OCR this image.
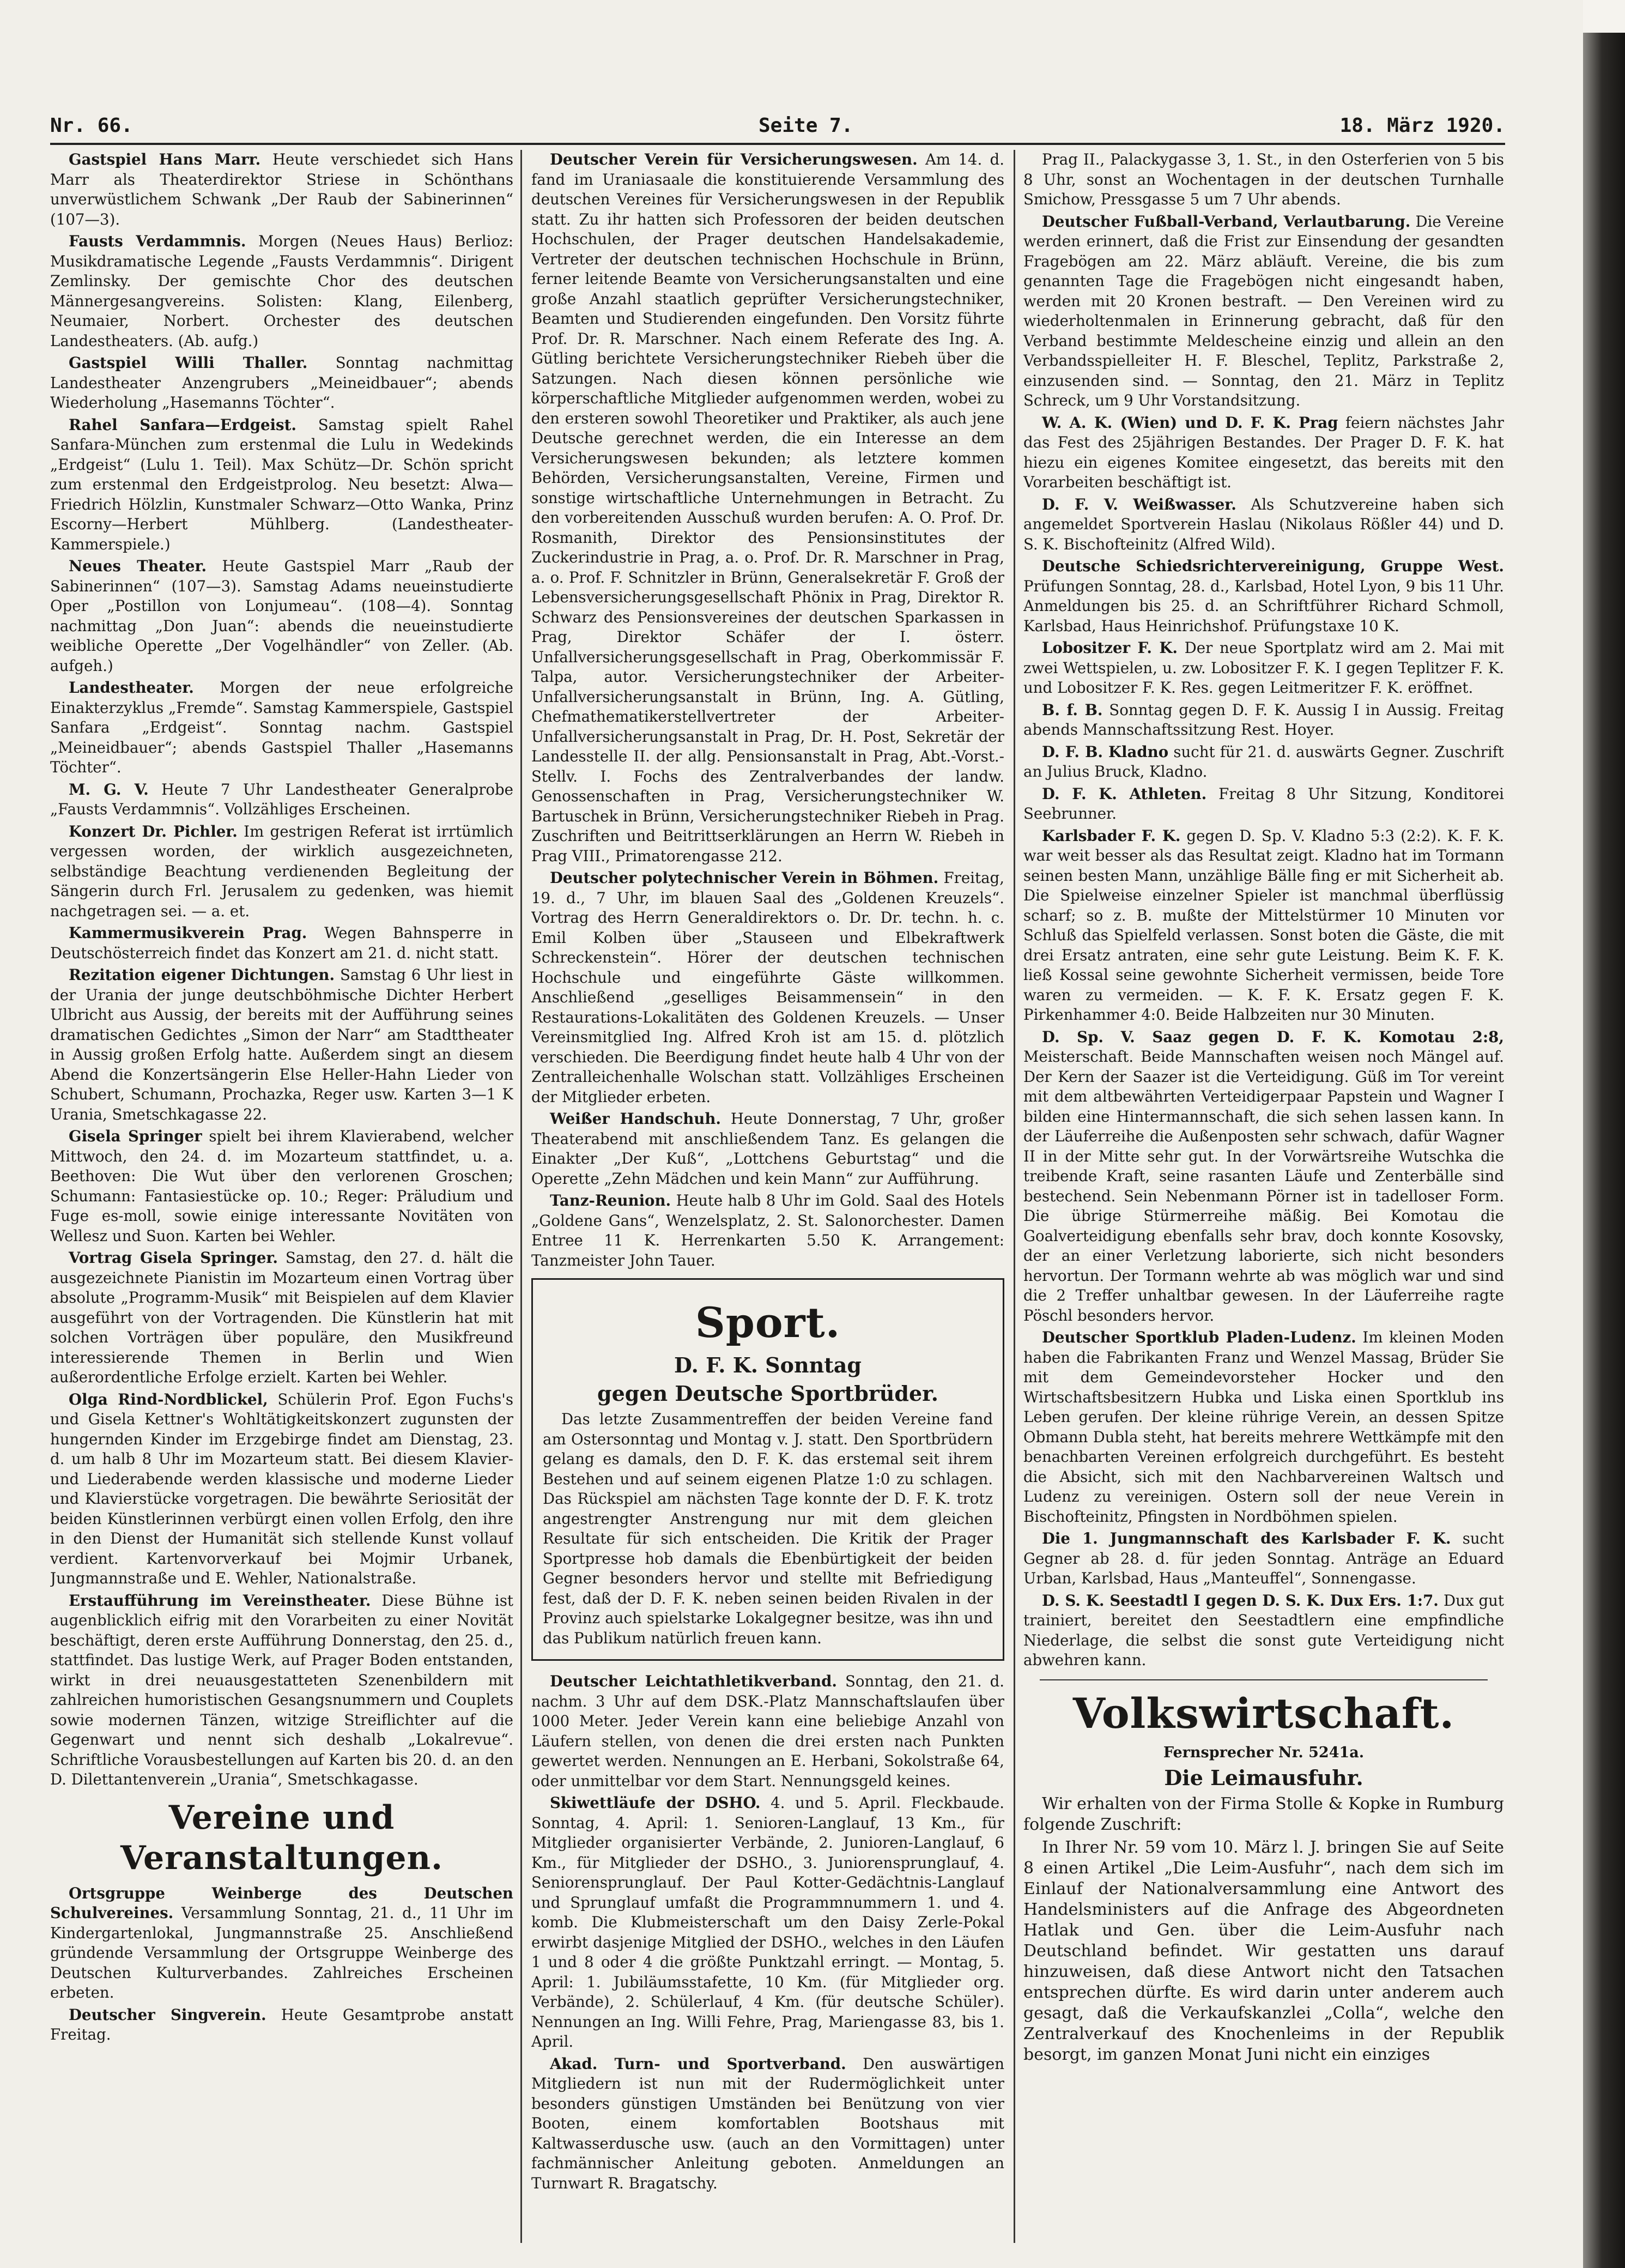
Nr. 66.	Seite 7.	18. März 1920.

Gastspiel Hans Marr. Heute verschiedet sich Hans Marr als Theaterdirektor Striese in Schönthans unverwüstlichem Schwank „Der Raub der Sabinerinnen“ (107—3).

Fausts Verdammnis. Morgen (Neues Haus) Berlioz: Musikdramatische Legende „Fausts Verdammnis“. Dirigent Zemlinsky. Der gemischte Chor des deutschen Männergesangvereins. Solisten: Klang, Eilenberg, Neumaier, Norbert. Orchester des deutschen Landestheaters. (Ab. aufg.)

Gastspiel Willi Thaller. Sonntag nachmittag Landestheater Anzengrubers „Meineidbauer“; abends Wiederholung „Hasemanns Töchter“.

Rahel Sanfara—Erdgeist. Samstag spielt Rahel Sanfara-München zum erstenmal die Lulu in Wedekinds „Erdgeist“ (Lulu 1. Teil). Max Schütz—Dr. Schön spricht zum erstenmal den Erdgeistprolog. Neu besetzt: Alwa—Friedrich Hölzlin, Kunstmaler Schwarz—Otto Wanka, Prinz Escorny—Herbert Mühlberg. (Landestheater-Kammerspiele.)

Neues Theater. Heute Gastspiel Marr „Raub der Sabinerinnen“ (107—3). Samstag Adams neueinstudierte Oper „Postillon von Lonjumeau“. (108—4). Sonntag nachmittag „Don Juan“: abends die neueinstudierte weibliche Operette „Der Vogelhändler“ von Zeller. (Ab. aufgeh.)

Landestheater. Morgen der neue erfolgreiche Einakterzyklus „Fremde“. Samstag Kammerspiele, Gastspiel Sanfara „Erdgeist“. Sonntag nachm. Gastspiel „Meineidbauer“; abends Gastspiel Thaller „Hasemanns Töchter“.

M. G. V. Heute 7 Uhr Landestheater Generalprobe „Fausts Verdammnis“. Vollzähliges Erscheinen.

Konzert Dr. Pichler. Im gestrigen Referat ist irrtümlich vergessen worden, der wirklich ausgezeichneten, selbständige Beachtung verdienenden Begleitung der Sängerin durch Frl. Jerusalem zu gedenken, was hiemit nachgetragen sei. — a. et.

Kammermusikverein Prag. Wegen Bahnsperre in Deutschösterreich findet das Konzert am 21. d. nicht statt.

Rezitation eigener Dichtungen. Samstag 6 Uhr liest in der Urania der junge deutschböhmische Dichter Herbert Ulbricht aus Aussig, der bereits mit der Aufführung seines dramatischen Gedichtes „Simon der Narr“ am Stadttheater in Aussig großen Erfolg hatte. Außerdem singt an diesem Abend die Konzertsängerin Else Heller-Hahn Lieder von Schubert, Schumann, Prochazka, Reger usw. Karten 3—1 K Urania, Smetschkagasse 22.

Gisela Springer spielt bei ihrem Klavierabend, welcher Mittwoch, den 24. d. im Mozarteum stattfindet, u. a. Beethoven: Die Wut über den verlorenen Groschen; Schumann: Fantasiestücke op. 10.; Reger: Präludium und Fuge es-moll, sowie einige interessante Novitäten von Wellesz und Suon. Karten bei Wehler.

Vortrag Gisela Springer. Samstag, den 27. d. hält die ausgezeichnete Pianistin im Mozarteum einen Vortrag über absolute „Programm-Musik“ mit Beispielen auf dem Klavier ausgeführt von der Vortragenden. Die Künstlerin hat mit solchen Vorträgen über populäre, den Musikfreund interessierende Themen in Berlin und Wien außerordentliche Erfolge erzielt. Karten bei Wehler.

Olga Rind-Nordblickel, Schülerin Prof. Egon Fuchs's und Gisela Kettner's Wohltätigkeitskonzert zugunsten der hungernden Kinder im Erzgebirge findet am Dienstag, 23. d. um halb 8 Uhr im Mozarteum statt. Bei diesem Klavier- und Liederabende werden klassische und moderne Lieder und Klavierstücke vorgetragen. Die bewährte Seriosität der beiden Künstlerinnen verbürgt einen vollen Erfolg, den ihre in den Dienst der Humanität sich stellende Kunst vollauf verdient. Kartenvorverkauf bei Mojmir Urbanek, Jungmannstraße und E. Wehler, Nationalstraße.

Erstaufführung im Vereinstheater. Diese Bühne ist augenblicklich eifrig mit den Vorarbeiten zu einer Novität beschäftigt, deren erste Aufführung Donnerstag, den 25. d., stattfindet. Das lustige Werk, auf Prager Boden entstanden, wirkt in drei neuausgestatteten Szenenbildern mit zahlreichen humoristischen Gesangsnummern und Couplets sowie modernen Tänzen, witzige Streiflichter auf die Gegenwart und nennt sich deshalb „Lokalrevue“. Schriftliche Vorausbestellungen auf Karten bis 20. d. an den D. Dilettantenverein „Urania“, Smetschkagasse.

Vereine und Veranstaltungen.

Ortsgruppe Weinberge des Deutschen Schulvereines. Versammlung Sonntag, 21. d., 11 Uhr im Kindergartenlokal, Jungmannstraße 25. Anschließend gründende Versammlung der Ortsgruppe Weinberge des Deutschen Kulturverbandes. Zahlreiches Erscheinen erbeten.

Deutscher Singverein. Heute Gesamtprobe anstatt Freitag.

Deutscher Verein für Versicherungswesen. Am 14. d. fand im Uraniasaale die konstituierende Versammlung des deutschen Vereines für Versicherungswesen in der Republik statt. Zu ihr hatten sich Professoren der beiden deutschen Hochschulen, der Prager deutschen Handelsakademie, Vertreter der deutschen technischen Hochschule in Brünn, ferner leitende Beamte von Versicherungsanstalten und eine große Anzahl staatlich geprüfter Versicherungstechniker, Beamten und Studierenden eingefunden. Den Vorsitz führte Prof. Dr. R. Marschner. Nach einem Referate des Ing. A. Gütling berichtete Versicherungstechniker Riebeh über die Satzungen. Nach diesen können persönliche wie körperschaftliche Mitglieder aufgenommen werden, wobei zu den ersteren sowohl Theoretiker und Praktiker, als auch jene Deutsche gerechnet werden, die ein Interesse an dem Versicherungswesen bekunden; als letztere kommen Behörden, Versicherungsanstalten, Vereine, Firmen und sonstige wirtschaftliche Unternehmungen in Betracht. Zu den vorbereitenden Ausschuß wurden berufen: A. O. Prof. Dr. Rosmanith, Direktor des Pensionsinstitutes der Zuckerindustrie in Prag, a. o. Prof. Dr. R. Marschner in Prag, a. o. Prof. F. Schnitzler in Brünn, Generalsekretär F. Groß der Lebensversicherungsgesellschaft Phönix in Prag, Direktor R. Schwarz des Pensionsvereines der deutschen Sparkassen in Prag, Direktor Schäfer der I. österr. Unfallversicherungsgesellschaft in Prag, Oberkommissär F. Talpa, autor. Versicherungstechniker der Arbeiter-Unfallversicherungsanstalt in Brünn, Ing. A. Gütling, Chefmathematikerstellvertreter der Arbeiter-Unfallversicherungsanstalt in Prag, Dr. H. Post, Sekretär der Landesstelle II. der allg. Pensionsanstalt in Prag, Abt.-Vorst.-Stellv. I. Fochs des Zentralverbandes der landw. Genossenschaften in Prag, Versicherungstechniker W. Bartuschek in Brünn, Versicherungstechniker Riebeh in Prag. Zuschriften und Beitrittserklärungen an Herrn W. Riebeh in Prag VIII., Primatorengasse 212.

Deutscher polytechnischer Verein in Böhmen. Freitag, 19. d., 7 Uhr, im blauen Saal des „Goldenen Kreuzels“. Vortrag des Herrn Generaldirektors o. Dr. Dr. techn. h. c. Emil Kolben über „Stauseen und Elbekraftwerk Schreckenstein“. Hörer der deutschen technischen Hochschule und eingeführte Gäste willkommen. Anschließend „geselliges Beisammensein“ in den Restaurations-Lokalitäten des Goldenen Kreuzels. — Unser Vereinsmitglied Ing. Alfred Kroh ist am 15. d. plötzlich verschieden. Die Beerdigung findet heute halb 4 Uhr von der Zentralleichenhalle Wolschan statt. Vollzähliges Erscheinen der Mitglieder erbeten.

Weißer Handschuh. Heute Donnerstag, 7 Uhr, großer Theaterabend mit anschließendem Tanz. Es gelangen die Einakter „Der Kuß“, „Lottchens Geburtstag“ und die Operette „Zehn Mädchen und kein Mann“ zur Aufführung.

Tanz-Reunion. Heute halb 8 Uhr im Gold. Saal des Hotels „Goldene Gans“, Wenzelsplatz, 2. St. Salonorchester. Damen Entree 11 K. Herrenkarten 5.50 K. Arrangement: Tanzmeister John Tauer.

Sport.
D. F. K. Sonntag
gegen Deutsche Sportbrüder.

Das letzte Zusammentreffen der beiden Vereine fand am Ostersonntag und Montag v. J. statt. Den Sportbrüdern gelang es damals, den D. F. K. das erstemal seit ihrem Bestehen und auf seinem eigenen Platze 1:0 zu schlagen. Das Rückspiel am nächsten Tage konnte der D. F. K. trotz angestrengter Anstrengung nur mit dem gleichen Resultate für sich entscheiden. Die Kritik der Prager Sportpresse hob damals die Ebenbürtigkeit der beiden Gegner besonders hervor und stellte mit Befriedigung fest, daß der D. F. K. neben seinen beiden Rivalen in der Provinz auch spielstarke Lokalgegner besitze, was ihn und das Publikum natürlich freuen kann.

Deutscher Leichtathletikverband. Sonntag, den 21. d. nachm. 3 Uhr auf dem DSK.-Platz Mannschaftslaufen über 1000 Meter. Jeder Verein kann eine beliebige Anzahl von Läufern stellen, von denen die drei ersten nach Punkten gewertet werden. Nennungen an E. Herbani, Sokolstraße 64, oder unmittelbar vor dem Start. Nennungsgeld keines.

Skiwettläufe der DSHO. 4. und 5. April. Fleckbaude. Sonntag, 4. April: 1. Senioren-Langlauf, 13 Km., für Mitglieder organisierter Verbände, 2. Junioren-Langlauf, 6 Km., für Mitglieder der DSHO., 3. Juniorensprunglauf, 4. Seniorensprunglauf. Der Paul Kotter-Gedächtnis-Langlauf und Sprunglauf umfaßt die Programmnummern 1. und 4. komb. Die Klubmeisterschaft um den Daisy Zerle-Pokal erwirbt dasjenige Mitglied der DSHO., welches in den Läufen 1 und 8 oder 4 die größte Punktzahl erringt. — Montag, 5. April: 1. Jubiläumsstafette, 10 Km. (für Mitglieder org. Verbände), 2. Schülerlauf, 4 Km. (für deutsche Schüler). Nennungen an Ing. Willi Fehre, Prag, Mariengasse 83, bis 1. April.

Akad. Turn- und Sportverband. Den auswärtigen Mitgliedern ist nun mit der Rudermöglichkeit unter besonders günstigen Umständen bei Benützung von vier Booten, einem komfortablen Bootshaus mit Kaltwasserdusche usw. (auch an den Vormittagen) unter fachmännischer Anleitung geboten. Anmeldungen an Turnwart R. Bragatschy.

Prag II., Palackygasse 3, 1. St., in den Osterferien von 5 bis 8 Uhr, sonst an Wochentagen in der deutschen Turnhalle Smichow, Pressgasse 5 um 7 Uhr abends.

Deutscher Fußball-Verband, Verlautbarung. Die Vereine werden erinnert, daß die Frist zur Einsendung der gesandten Fragebögen am 22. März abläuft. Vereine, die bis zum genannten Tage die Fragebögen nicht eingesandt haben, werden mit 20 Kronen bestraft. — Den Vereinen wird zu wiederholtenmalen in Erinnerung gebracht, daß für den Verband bestimmte Meldescheine einzig und allein an den Verbandsspielleiter H. F. Bleschel, Teplitz, Parkstraße 2, einzusenden sind. — Sonntag, den 21. März in Teplitz Schreck, um 9 Uhr Vorstandsitzung.

W. A. K. (Wien) und D. F. K. Prag feiern nächstes Jahr das Fest des 25jährigen Bestandes. Der Prager D. F. K. hat hiezu ein eigenes Komitee eingesetzt, das bereits mit den Vorarbeiten beschäftigt ist.

D. F. V. Weißwasser. Als Schutzvereine haben sich angemeldet Sportverein Haslau (Nikolaus Rößler 44) und D. S. K. Bischofteinitz (Alfred Wild).

Deutsche Schiedsrichtervereinigung, Gruppe West. Prüfungen Sonntag, 28. d., Karlsbad, Hotel Lyon, 9 bis 11 Uhr. Anmeldungen bis 25. d. an Schriftführer Richard Schmoll, Karlsbad, Haus Heinrichshof. Prüfungstaxe 10 K.

Lobositzer F. K. Der neue Sportplatz wird am 2. Mai mit zwei Wettspielen, u. zw. Lobositzer F. K. I gegen Teplitzer F. K. und Lobositzer F. K. Res. gegen Leitmeritzer F. K. eröffnet.

B. f. B. Sonntag gegen D. F. K. Aussig I in Aussig. Freitag abends Mannschaftssitzung Rest. Hoyer.

D. F. B. Kladno sucht für 21. d. auswärts Gegner. Zuschrift an Julius Bruck, Kladno.

D. F. K. Athleten. Freitag 8 Uhr Sitzung, Konditorei Seebrunner.

Karlsbader F. K. gegen D. Sp. V. Kladno 5:3 (2:2). K. F. K. war weit besser als das Resultat zeigt. Kladno hat im Tormann seinen besten Mann, unzählige Bälle fing er mit Sicherheit ab. Die Spielweise einzelner Spieler ist manchmal überflüssig scharf; so z. B. mußte der Mittelstürmer 10 Minuten vor Schluß das Spielfeld verlassen. Sonst boten die Gäste, die mit drei Ersatz antraten, eine sehr gute Leistung. Beim K. F. K. ließ Kossal seine gewohnte Sicherheit vermissen, beide Tore waren zu vermeiden. — K. F. K. Ersatz gegen F. K. Pirkenhammer 4:0. Beide Halbzeiten nur 30 Minuten.

D. Sp. V. Saaz gegen D. F. K. Komotau 2:8, Meisterschaft. Beide Mannschaften weisen noch Mängel auf. Der Kern der Saazer ist die Verteidigung. Güß im Tor vereint mit dem altbewährten Verteidigerpaar Papstein und Wagner I bilden eine Hintermannschaft, die sich sehen lassen kann. In der Läuferreihe die Außenposten sehr schwach, dafür Wagner II in der Mitte sehr gut. In der Vorwärtsreihe Wutschka die treibende Kraft, seine rasanten Läufe und Zenterbälle sind bestechend. Sein Nebenmann Pörner ist in tadelloser Form. Die übrige Stürmerreihe mäßig. Bei Komotau die Goalverteidigung ebenfalls sehr brav, doch konnte Kosovsky, der an einer Verletzung laborierte, sich nicht besonders hervortun. Der Tormann wehrte ab was möglich war und sind die 2 Treffer unhaltbar gewesen. In der Läuferreihe ragte Pöschl besonders hervor.

Deutscher Sportklub Pladen-Ludenz. Im kleinen Moden haben die Fabrikanten Franz und Wenzel Massag, Brüder Sie mit dem Gemeindevorsteher Hocker und den Wirtschaftsbesitzern Hubka und Liska einen Sportklub ins Leben gerufen. Der kleine rührige Verein, an dessen Spitze Obmann Dubla steht, hat bereits mehrere Wettkämpfe mit den benachbarten Vereinen erfolgreich durchgeführt. Es besteht die Absicht, sich mit den Nachbarvereinen Waltsch und Ludenz zu vereinigen. Ostern soll der neue Verein in Bischofteinitz, Pfingsten in Nordböhmen spielen.

Die 1. Jungmannschaft des Karlsbader F. K. sucht Gegner ab 28. d. für jeden Sonntag. Anträge an Eduard Urban, Karlsbad, Haus „Manteuffel“, Sonnengasse.

D. S. K. Seestadtl I gegen D. S. K. Dux Ers. 1:7. Dux gut trainiert, bereitet den Seestadtlern eine empfindliche Niederlage, die selbst die sonst gute Verteidigung nicht abwehren kann.

Volkswirtschaft.
Fernsprecher Nr. 5241a.
Die Leimausfuhr.

Wir erhalten von der Firma Stolle & Kopke in Rumburg folgende Zuschrift:

In Ihrer Nr. 59 vom 10. März l. J. bringen Sie auf Seite 8 einen Artikel „Die Leim-Ausfuhr“, nach dem sich im Einlauf der Nationalversammlung eine Antwort des Handelsministers auf die Anfrage des Abgeordneten Hatlak und Gen. über die Leim-Ausfuhr nach Deutschland befindet. Wir gestatten uns darauf hinzuweisen, daß diese Antwort nicht den Tatsachen entsprechen dürfte. Es wird darin unter anderem auch gesagt, daß die Verkaufskanzlei „Colla“, welche den Zentralverkauf des Knochenleims in der Republik besorgt, im ganzen Monat Juni nicht ein einziges
